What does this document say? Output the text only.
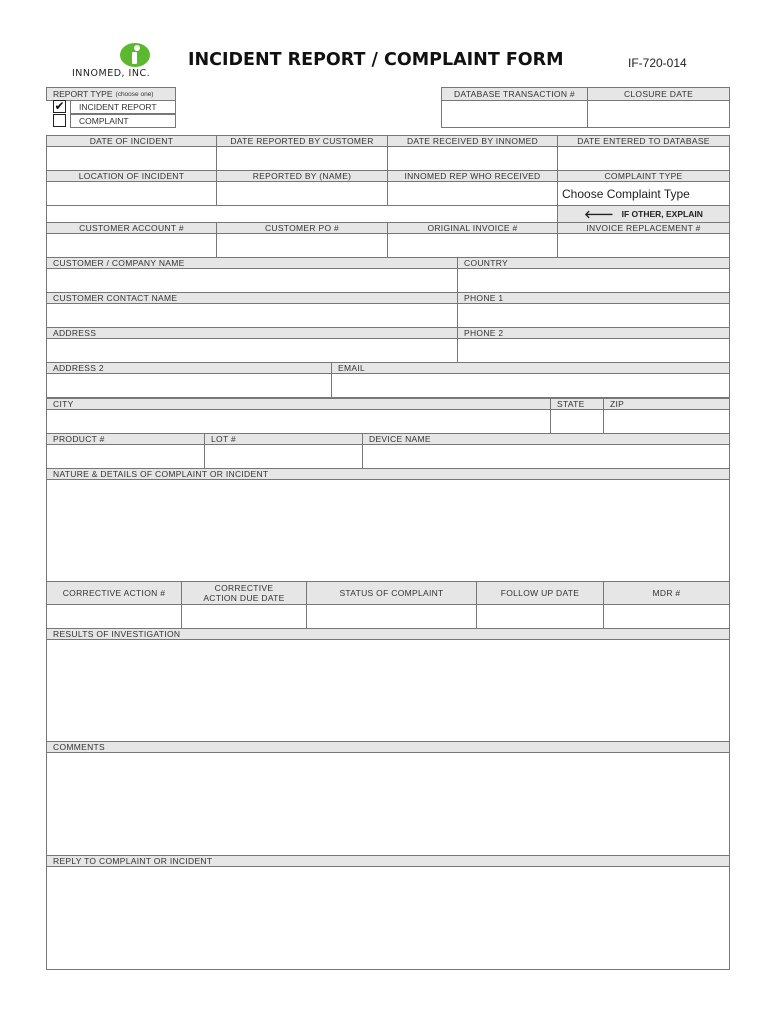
INNOMED, INC.
INCIDENT REPORT / COMPLAINT FORM	IF-720-014
REPORT TYPE (choose one)
✔ INCIDENT REPORT
COMPLAINT
DATABASE TRANSACTION #	CLOSURE DATE
DATE OF INCIDENT	DATE REPORTED BY CUSTOMER	DATE RECEIVED BY INNOMED	DATE ENTERED TO DATABASE
LOCATION OF INCIDENT	REPORTED BY (NAME)	INNOMED REP WHO RECEIVED	COMPLAINT TYPE
Choose Complaint Type
🡐 IF OTHER, EXPLAIN
CUSTOMER ACCOUNT #	CUSTOMER PO #	ORIGINAL INVOICE #	INVOICE REPLACEMENT #
CUSTOMER / COMPANY NAME	COUNTRY
CUSTOMER CONTACT NAME	PHONE 1
ADDRESS	PHONE 2
ADDRESS 2	EMAIL
CITY	STATE	ZIP
PRODUCT #	LOT #	DEVICE NAME
NATURE & DETAILS OF COMPLAINT OR INCIDENT
CORRECTIVE ACTION #	CORRECTIVE ACTION DUE DATE	STATUS OF COMPLAINT	FOLLOW UP DATE	MDR #
RESULTS OF INVESTIGATION
COMMENTS
REPLY TO COMPLAINT OR INCIDENT
